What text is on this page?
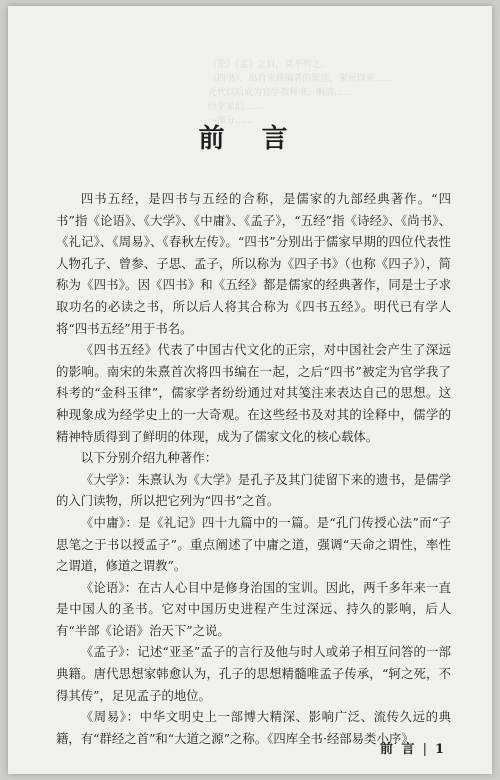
《论》《孟》之目，莫不列之。
《四书》，出自朱熹编著的集注，宋元以来……
元代以后成为官学教科书，明清……
经学家们……
一部分……
前 言

四书五经，是四书与五经的合称，是儒家的九部经典著作。“四书”指《论语》、《大学》、《中庸》、《孟子》，“五经”指《诗经》、《尚书》、《礼记》、《周易》、《春秋左传》。“四书”分别出于儒家早期的四位代表性人物孔子、曾参、子思、孟子，所以称为《四子书》（也称《四子》），简称为《四书》。因《四书》和《五经》都是儒家的经典著作，同是士子求取功名的必读之书，所以后人将其合称为《四书五经》。明代已有学人将“四书五经”用于书名。

《四书五经》代表了中国古代文化的正宗，对中国社会产生了深远的影响。南宋的朱熹首次将四书编在一起，之后“四书”被定为官学我了科考的“金科玉律”，儒家学者纷纷通过对其笺注来表达自己的思想。这种现象成为经学史上的一大奇观。在这些经书及对其的诠释中，儒学的精神特质得到了鲜明的体现，成为了儒家文化的核心载体。

以下分别介绍九种著作：

《大学》：朱熹认为《大学》是孔子及其门徒留下来的遗书，是儒学的入门读物，所以把它列为“四书”之首。

《中庸》：是《礼记》四十九篇中的一篇。是“孔门传授心法”而“子思笔之于书以授孟子”。重点阐述了中庸之道，强调“天命之谓性，率性之谓道，修道之谓教”。

《论语》：在古人心目中是修身治国的宝训。因此，两千多年来一直是中国人的圣书。它对中国历史进程产生过深远、持久的影响，后人有“半部《论语》治天下”之说。

《孟子》：记述“亚圣”孟子的言行及他与时人或弟子相互问答的一部典籍。唐代思想家韩愈认为，孔子的思想精髓唯孟子传承，“轲之死，不得其传”，足见孟子的地位。

《周易》：中华文明史上一部博大精深、影响广泛、流传久远的典籍，有“群经之首”和“大道之源”之称。《四库全书·经部易类小序》

前 言 | 1
